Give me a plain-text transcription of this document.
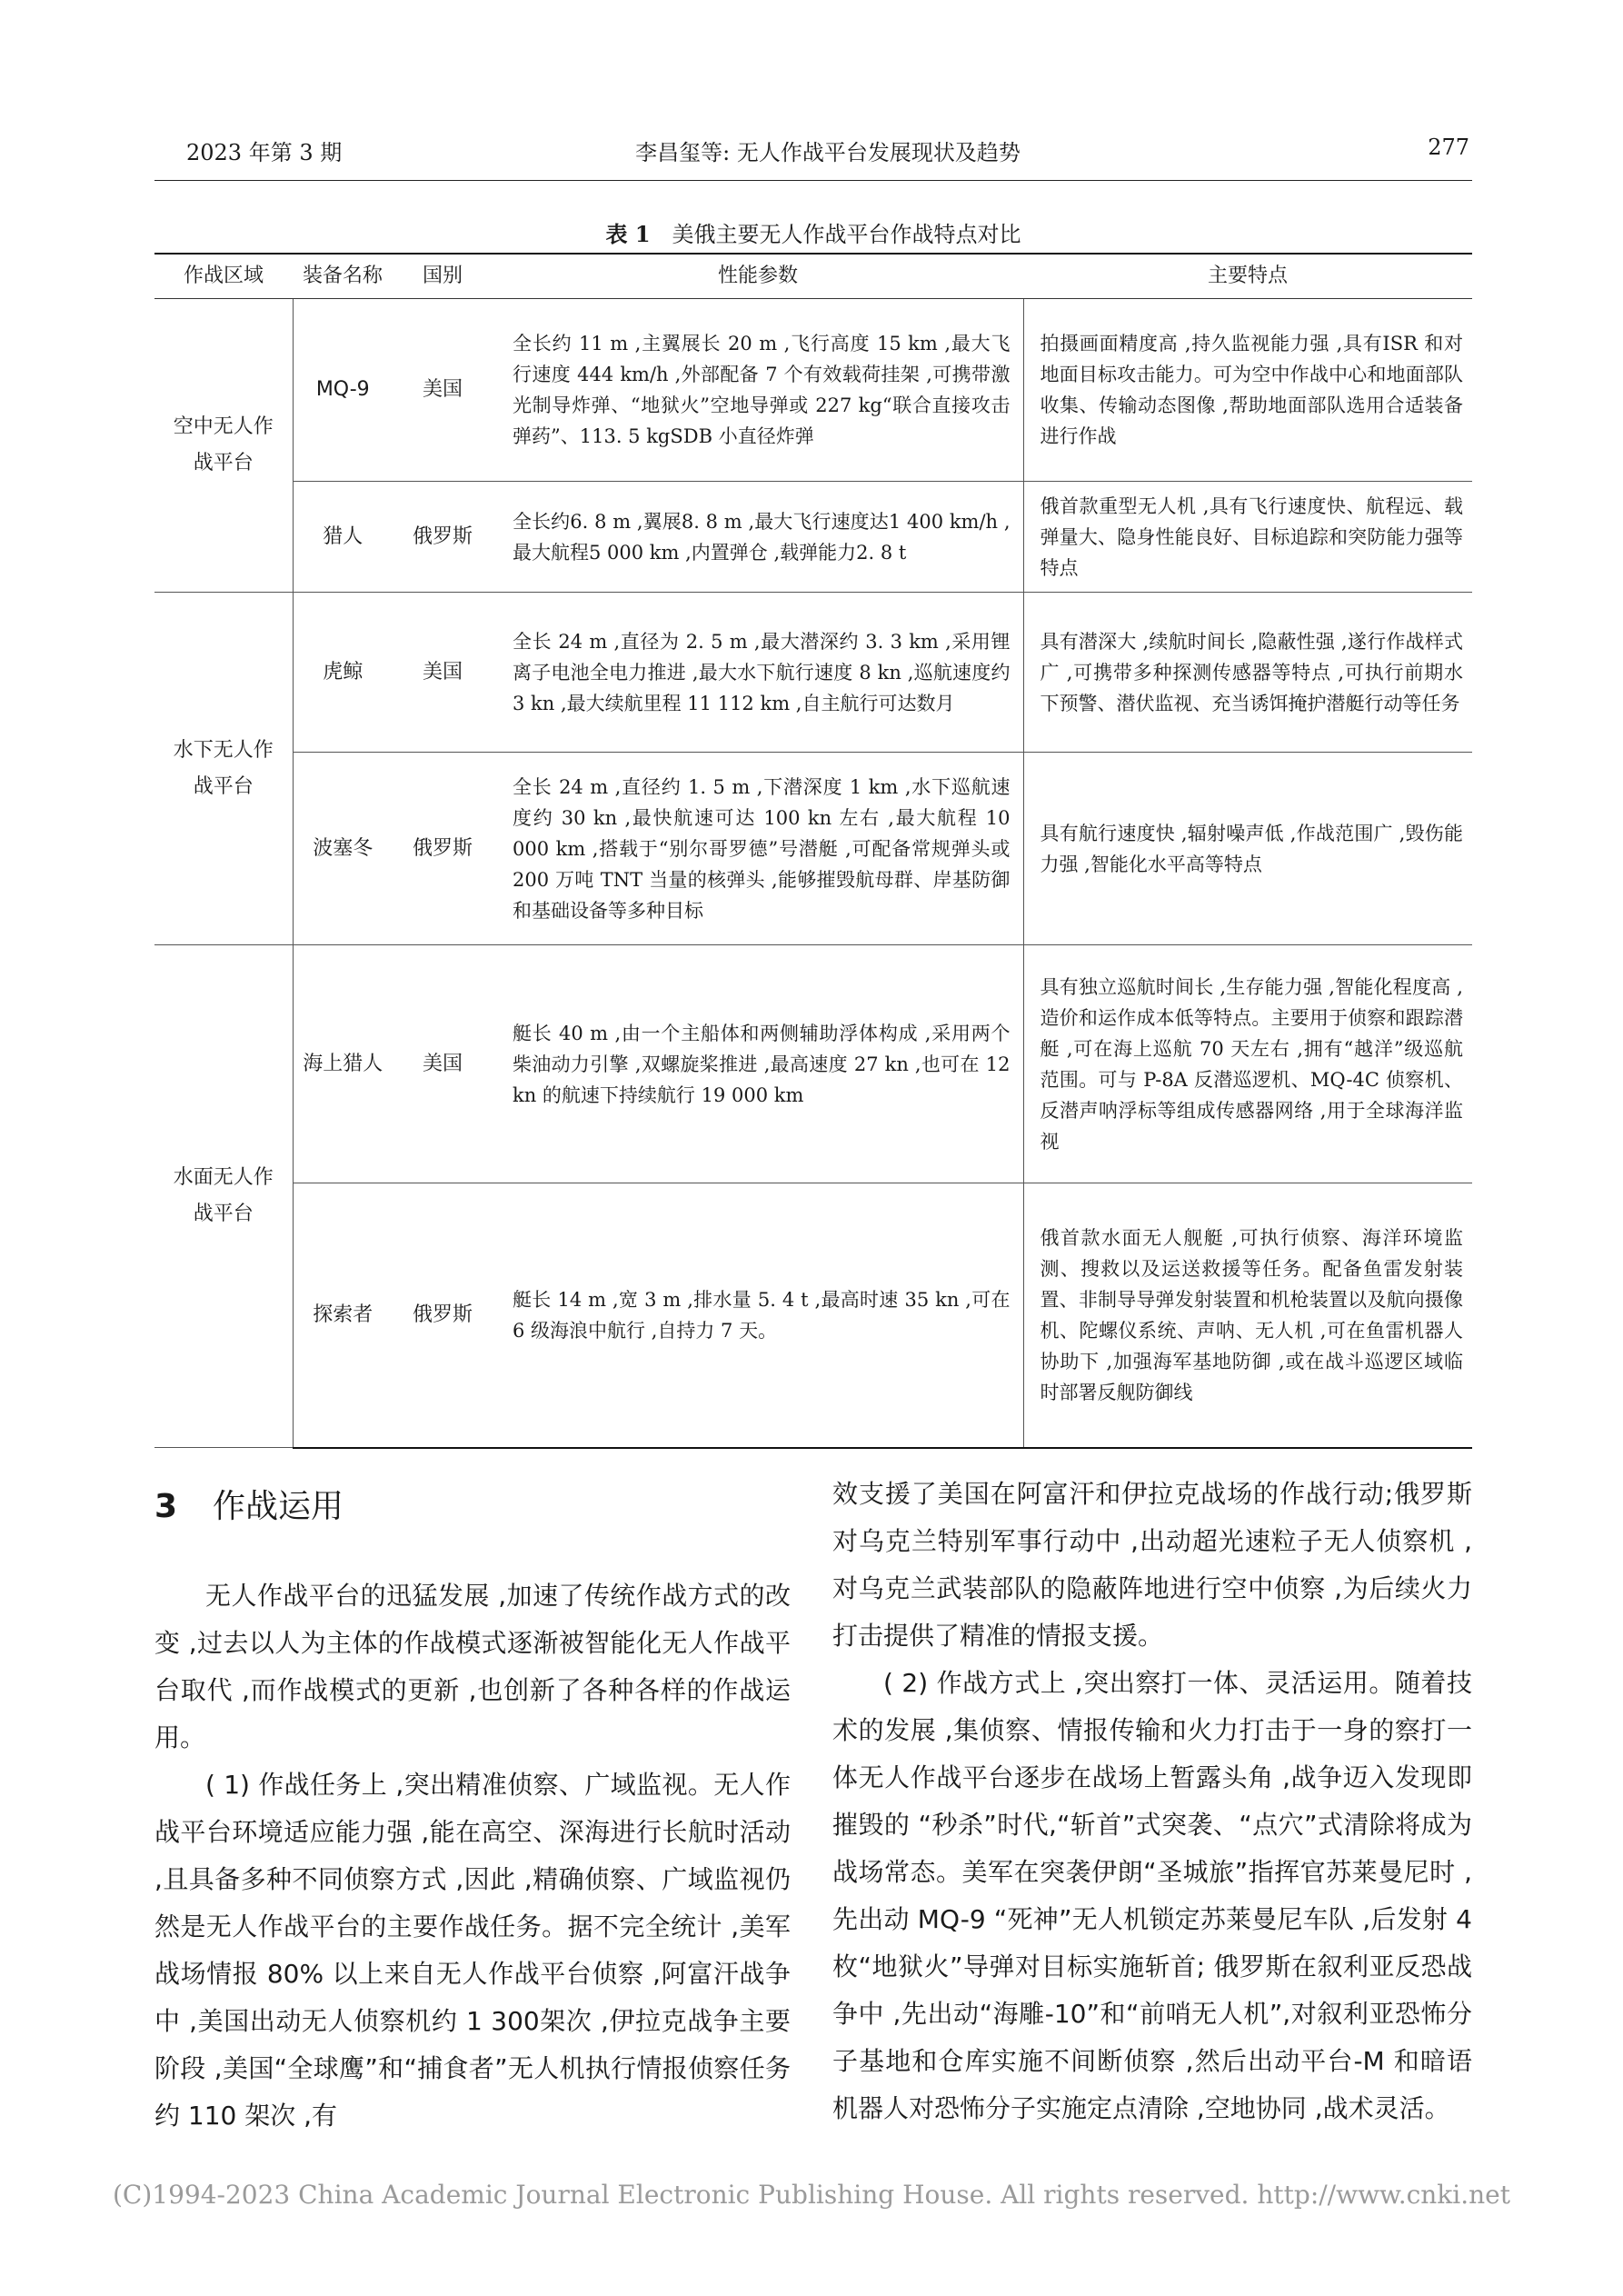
2023 年第 3 期	李昌玺等: 无人作战平台发展现状及趋势	277
表 1 美俄主要无人作战平台作战特点对比
作战区域	装备名称	国别	性能参数	主要特点
空中无人作战平台	MQ-9	美国	全长约 11 m ,主翼展长 20 m ,飞行高度 15 km ,最大飞行速度 444 km/h ,外部配备 7 个有效载荷挂架 ,可携带激光制导炸弹、“地狱火”空地导弹或 227 kg“联合直接攻击弹药”、113. 5 kgSDB 小直径炸弹	拍摄画面精度高 ,持久监视能力强 ,具有ISR 和对地面目标攻击能力。可为空中作战中心和地面部队收集、传输动态图像 ,帮助地面部队选用合适装备进行作战
	猎人	俄罗斯	全长约6. 8 m ,翼展8. 8 m ,最大飞行速度达1 400 km/h ,最大航程5 000 km ,内置弹仓 ,载弹能力2. 8 t	俄首款重型无人机 ,具有飞行速度快、航程远、载弹量大、隐身性能良好、目标追踪和突防能力强等特点
水下无人作战平台	虎鲸	美国	全长 24 m ,直径为 2. 5 m ,最大潜深约 3. 3 km ,采用锂离子电池全电力推进 ,最大水下航行速度 8 kn ,巡航速度约 3 kn ,最大续航里程 11 112 km ,自主航行可达数月	具有潜深大 ,续航时间长 ,隐蔽性强 ,遂行作战样式广 ,可携带多种探测传感器等特点 ,可执行前期水下预警、潜伏监视、充当诱饵掩护潜艇行动等任务
	波塞冬	俄罗斯	全长 24 m ,直径约 1. 5 m ,下潜深度 1 km ,水下巡航速度约 30 kn ,最快航速可达 100 kn 左右 ,最大航程 10 000 km ,搭载于“别尔哥罗德”号潜艇 ,可配备常规弹头或200 万吨 TNT 当量的核弹头 ,能够摧毁航母群、岸基防御和基础设备等多种目标	具有航行速度快 ,辐射噪声低 ,作战范围广 ,毁伤能力强 ,智能化水平高等特点
水面无人作战平台	海上猎人	美国	艇长 40 m ,由一个主船体和两侧辅助浮体构成 ,采用两个柴油动力引擎 ,双螺旋桨推进 ,最高速度 27 kn ,也可在 12 kn 的航速下持续航行 19 000 km	具有独立巡航时间长 ,生存能力强 ,智能化程度高 ,造价和运作成本低等特点。主要用于侦察和跟踪潜艇 ,可在海上巡航 70 天左右 ,拥有“越洋”级巡航范围。可与 P-8A 反潜巡逻机、MQ-4C 侦察机、反潜声呐浮标等组成传感器网络 ,用于全球海洋监视
	探索者	俄罗斯	艇长 14 m ,宽 3 m ,排水量 5. 4 t ,最高时速 35 kn ,可在 6 级海浪中航行 ,自持力 7 天。	俄首款水面无人舰艇 ,可执行侦察、海洋环境监测、搜救以及运送救援等任务。配备鱼雷发射装置、非制导导弹发射装置和机枪装置以及航向摄像机、陀螺仪系统、声呐、无人机 ,可在鱼雷机器人协助下 ,加强海军基地防御 ,或在战斗巡逻区域临时部署反舰防御线
3 作战运用

无人作战平台的迅猛发展 ,加速了传统作战方式的改变 ,过去以人为主体的作战模式逐渐被智能化无人作战平台取代 ,而作战模式的更新 ,也创新了各种各样的作战运用。

( 1) 作战任务上 ,突出精准侦察、广域监视。无人作战平台环境适应能力强 ,能在高空、深海进行长航时活动 ,且具备多种不同侦察方式 ,因此 ,精确侦察、广域监视仍然是无人作战平台的主要作战任务。据不完全统计 ,美军战场情报 80% 以上来自无人作战平台侦察 ,阿富汗战争中 ,美国出动无人侦察机约 1 300架次 ,伊拉克战争主要阶段 ,美国“全球鹰”和“捕食者”无人机执行情报侦察任务约 110 架次 ,有

效支援了美国在阿富汗和伊拉克战场的作战行动;俄罗斯对乌克兰特别军事行动中 ,出动超光速粒子无人侦察机 ,对乌克兰武装部队的隐蔽阵地进行空中侦察 ,为后续火力打击提供了精准的情报支援。

( 2) 作战方式上 ,突出察打一体、灵活运用。随着技术的发展 ,集侦察、情报传输和火力打击于一身的察打一体无人作战平台逐步在战场上暂露头角 ,战争迈入发现即摧毁的 “秒杀”时代,“斩首”式突袭、“点穴”式清除将成为战场常态。美军在突袭伊朗“圣城旅”指挥官苏莱曼尼时 ,先出动 MQ-9 “死神”无人机锁定苏莱曼尼车队 ,后发射 4 枚“地狱火”导弹对目标实施斩首; 俄罗斯在叙利亚反恐战争中 ,先出动“海雕-10”和“前哨无人机”,对叙利亚恐怖分子基地和仓库实施不间断侦察 ,然后出动平台-M 和暗语机器人对恐怖分子实施定点清除 ,空地协同 ,战术灵活。

(C)1994-2023 China Academic Journal Electronic Publishing House. All rights reserved. http://www.cnki.net
